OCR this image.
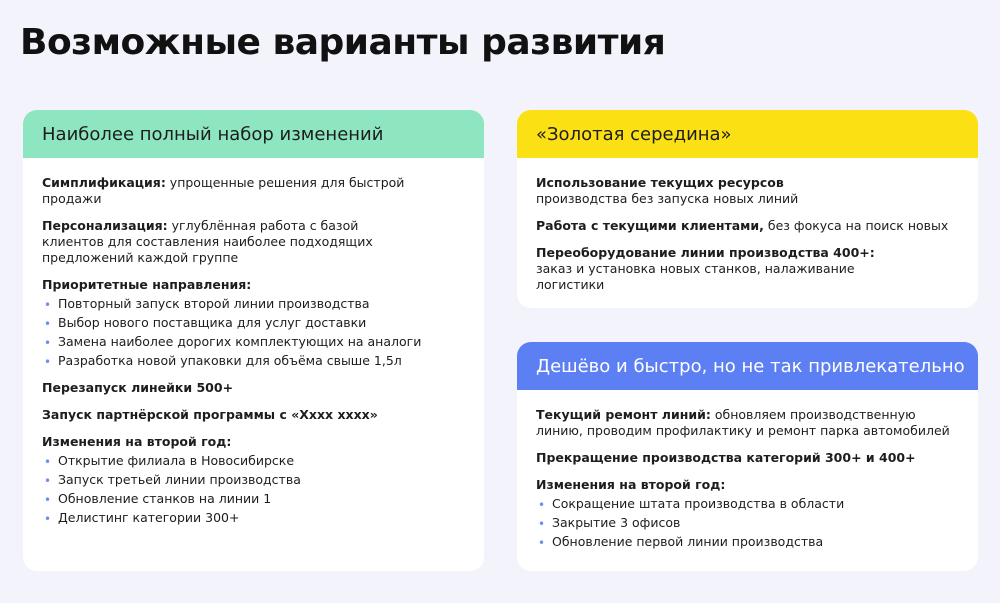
Возможные варианты развития
Наиболее полный набор изменений

Симплификация: упрощенные решения для быстрой продажи

Персонализация: углублённая работа с базой клиентов для составления наиболее подходящих предложений каждой группе

Приоритетные направления:
• Повторный запуск второй линии производства
• Выбор нового поставщика для услуг доставки
• Замена наиболее дорогих комплектующих на аналоги
• Разработка новой упаковки для объёма свыше 1,5л

Перезапуск линейки 500+

Запуск партнёрской программы с «Xxxx xxxx»

Изменения на второй год:
• Открытие филиала в Новосибирске
• Запуск третьей линии производства
• Обновление станков на линии 1
• Делистинг категории 300+
«Золотая середина»

Использование текущих ресурсов производства без запуска новых линий

Работа с текущими клиентами, без фокуса на поиск новых

Переоборудование линии производства 400+: заказ и установка новых станков, налаживание логистики

Дешёво и быстро, но не так привлекательно

Текущий ремонт линий: обновляем производственную линию, проводим профилактику и ремонт парка автомобилей

Прекращение производства категорий 300+ и 400+

Изменения на второй год:
• Сокращение штата производства в области
• Закрытие 3 офисов
• Обновление первой линии производства
